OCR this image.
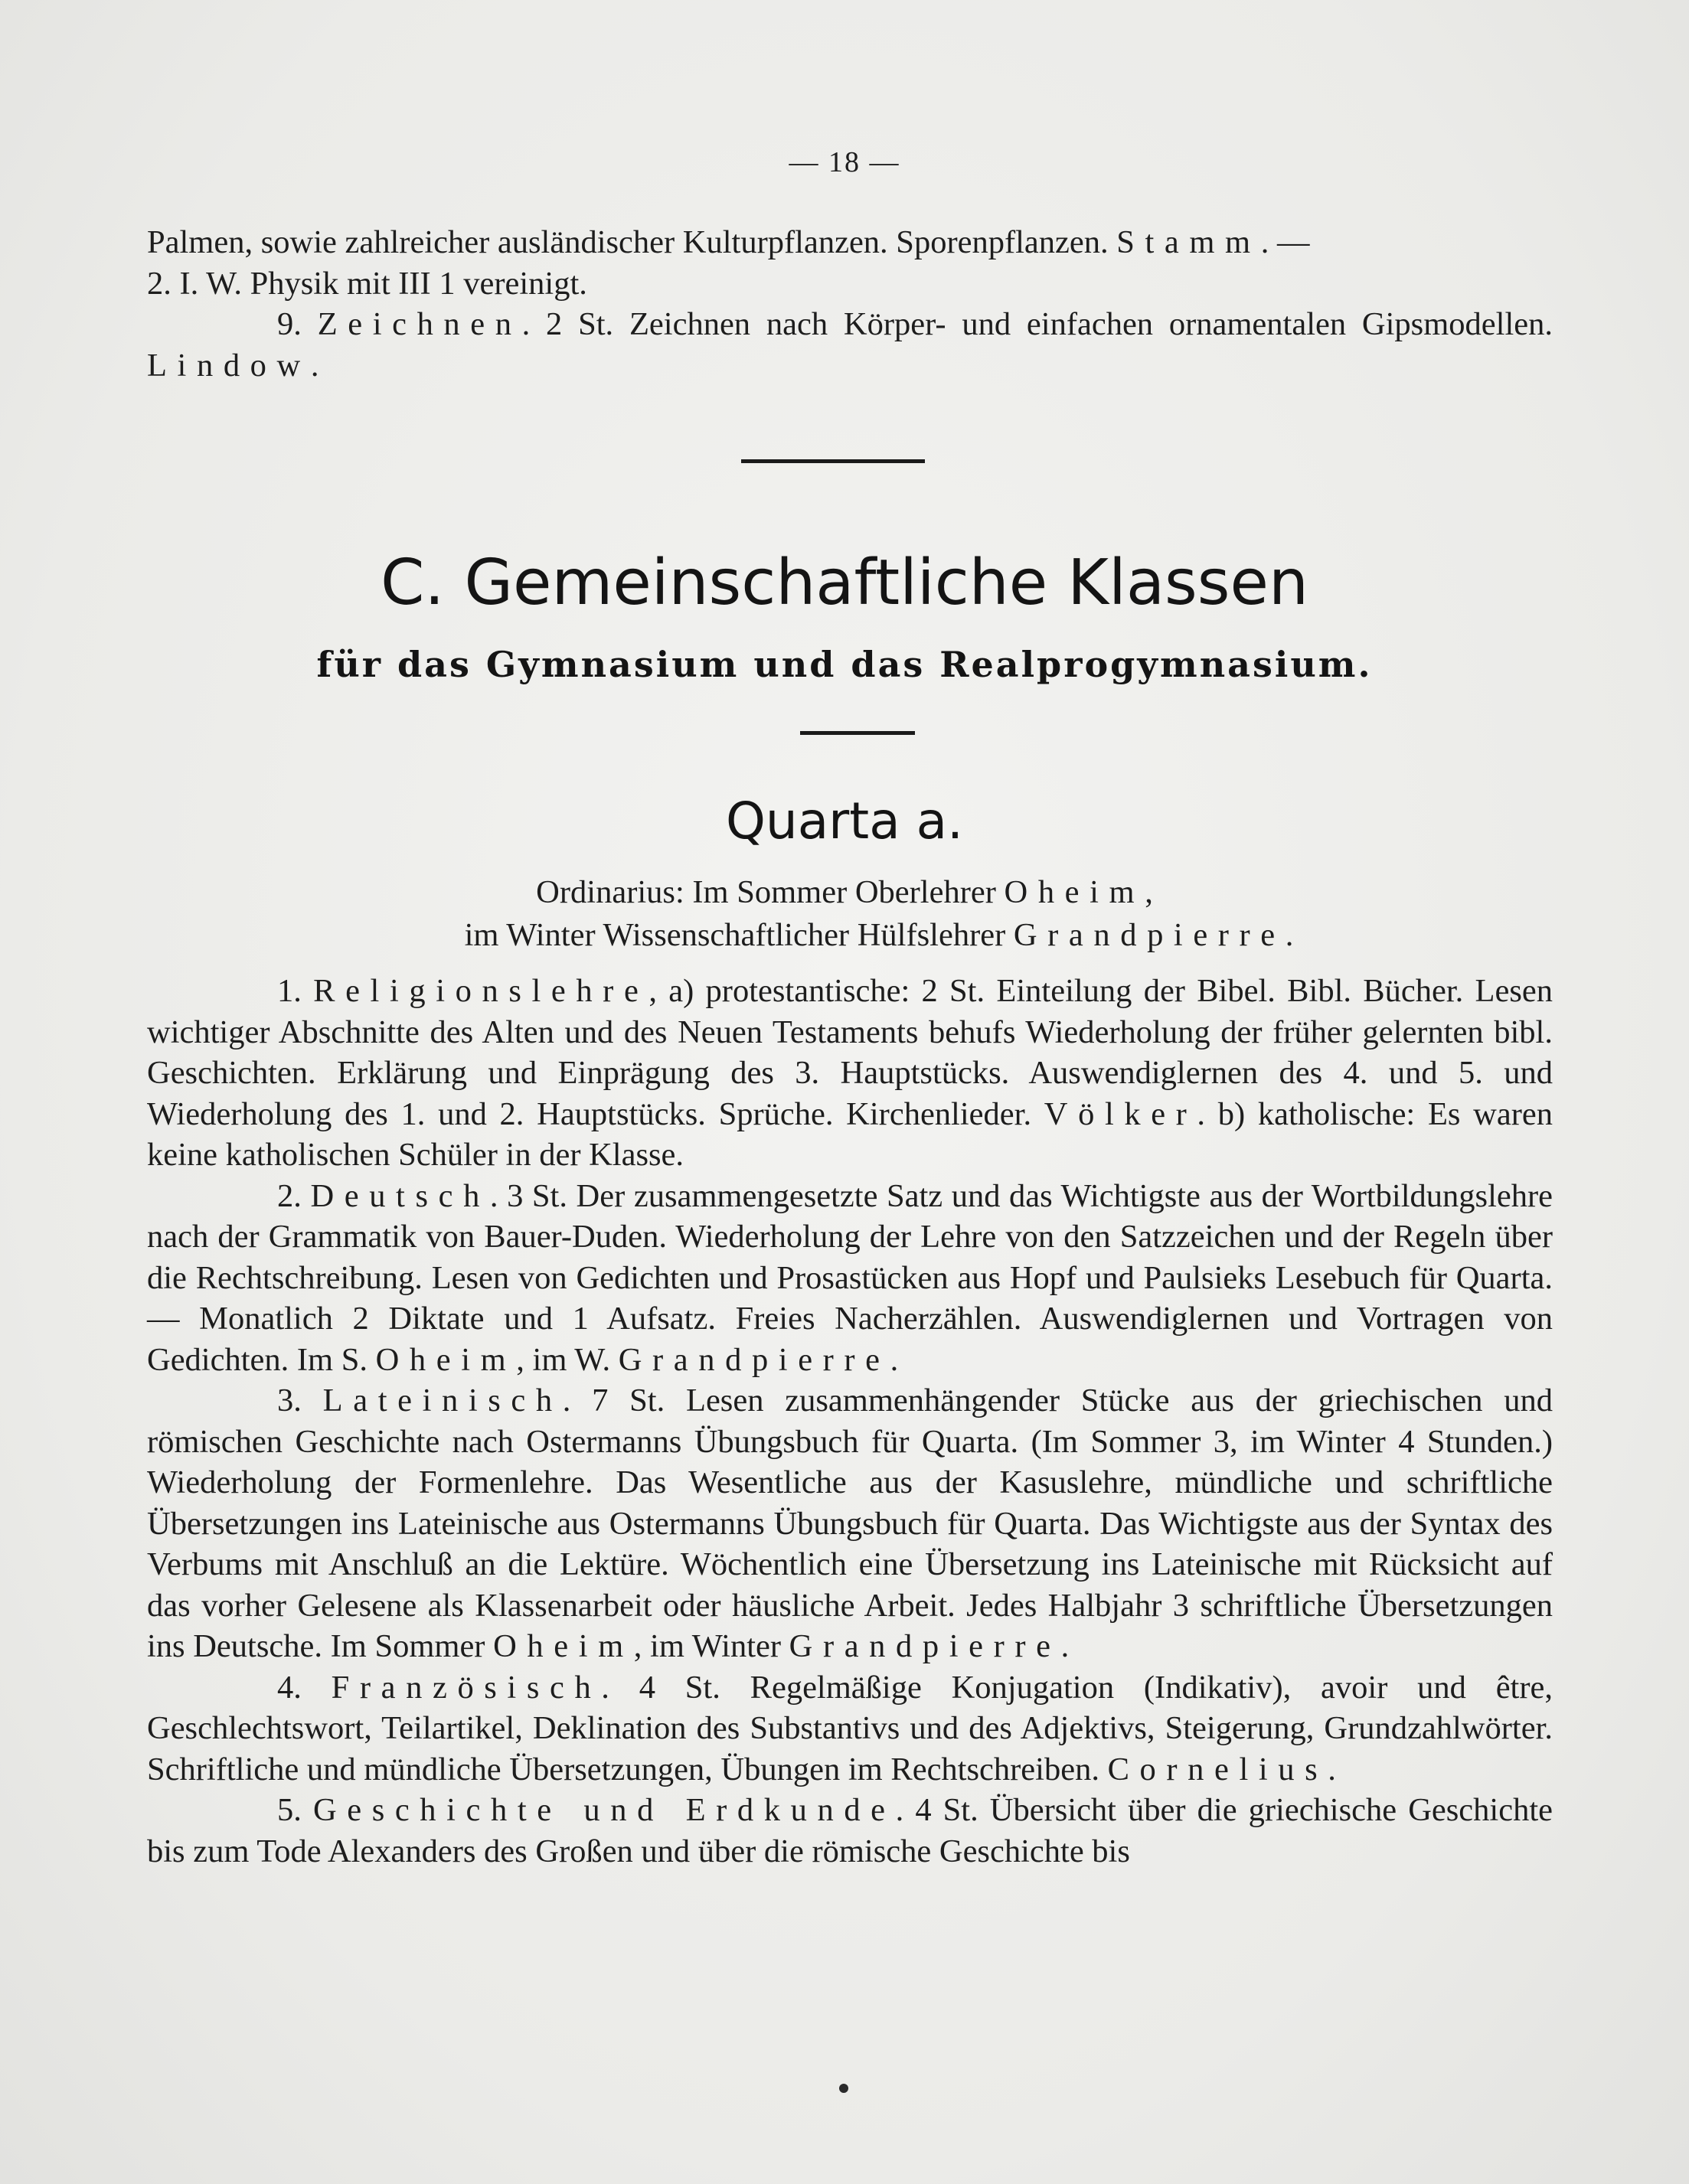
— 18 —

Palmen, sowie zahlreicher ausländischer Kulturpflanzen. Sporenpflanzen. Stamm. —
2. I. W. Physik mit III 1 vereinigt.

9. Zeichnen. 2 St. Zeichnen nach Körper- und einfachen ornamentalen Gipsmodellen. Lindow.

C. Gemeinschaftliche Klassen
für das Gymnasium und das Realprogymnasium.
Quarta a.
Ordinarius: Im Sommer Oberlehrer Oheim,
im Winter Wissenschaftlicher Hülfslehrer Grandpierre.

1. Religionslehre, a) protestantische: 2 St. Einteilung der Bibel. Bibl. Bücher. Lesen wichtiger Abschnitte des Alten und des Neuen Testaments behufs Wiederholung der früher gelernten bibl. Geschichten. Erklärung und Einprägung des 3. Hauptstücks. Auswendiglernen des 4. und 5. und Wiederholung des 1. und 2. Hauptstücks. Sprüche. Kirchenlieder. Völker. b) katholische: Es waren keine katholischen Schüler in der Klasse.

2. Deutsch. 3 St. Der zusammengesetzte Satz und das Wichtigste aus der Wortbildungslehre nach der Grammatik von Bauer-Duden. Wiederholung der Lehre von den Satzzeichen und der Regeln über die Rechtschreibung. Lesen von Gedichten und Prosastücken aus Hopf und Paulsieks Lesebuch für Quarta. — Monatlich 2 Diktate und 1 Aufsatz. Freies Nacherzählen. Auswendiglernen und Vortragen von Gedichten. Im S. Oheim, im W. Grandpierre.

3. Lateinisch. 7 St. Lesen zusammenhängender Stücke aus der griechischen und römischen Geschichte nach Ostermanns Übungsbuch für Quarta. (Im Sommer 3, im Winter 4 Stunden.) Wiederholung der Formenlehre. Das Wesentliche aus der Kasuslehre, mündliche und schriftliche Übersetzungen ins Lateinische aus Ostermanns Übungsbuch für Quarta. Das Wichtigste aus der Syntax des Verbums mit Anschluß an die Lektüre. Wöchentlich eine Übersetzung ins Lateinische mit Rücksicht auf das vorher Gelesene als Klassenarbeit oder häusliche Arbeit. Jedes Halbjahr 3 schriftliche Übersetzungen ins Deutsche. Im Sommer Oheim, im Winter Grandpierre.

4. Französisch. 4 St. Regelmäßige Konjugation (Indikativ), avoir und être, Geschlechtswort, Teilartikel, Deklination des Substantivs und des Adjektivs, Steigerung, Grundzahlwörter. Schriftliche und mündliche Übersetzungen, Übungen im Rechtschreiben. Cornelius.

5. Geschichte und Erdkunde. 4 St. Übersicht über die griechische Geschichte bis zum Tode Alexanders des Großen und über die römische Geschichte bis
